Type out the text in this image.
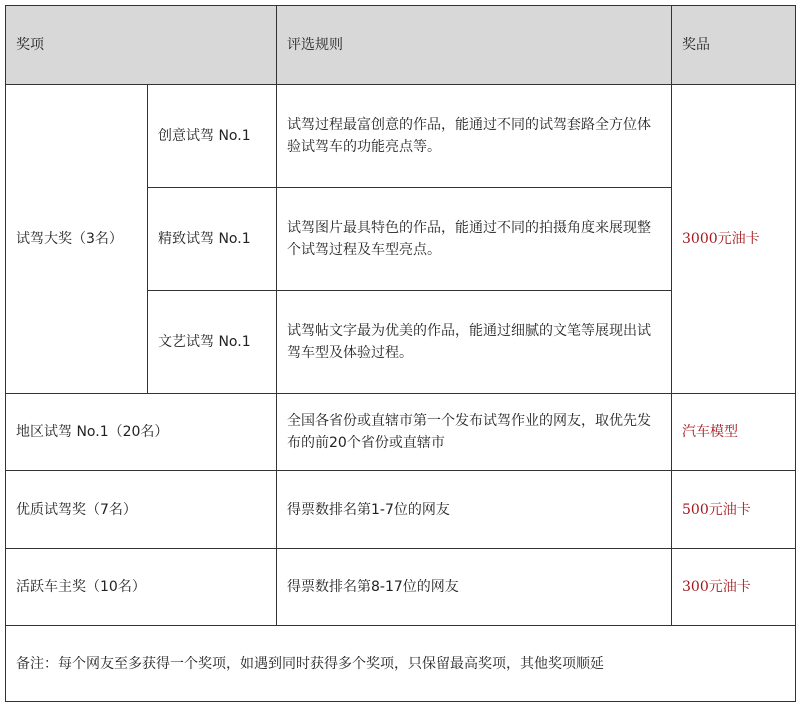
奖项		评选规则	奖品
试驾大奖（3名）	创意试驾 No.1	试驾过程最富创意的作品，能通过不同的试驾套路全方位体验试驾车的功能亮点等。	3000元油卡
	精致试驾 No.1	试驾图片最具特色的作品，能通过不同的拍摄角度来展现整个试驾过程及车型亮点。	
	文艺试驾 No.1	试驾帖文字最为优美的作品，能通过细腻的文笔等展现出试驾车型及体验过程。	
地区试驾 No.1（20名）		全国各省份或直辖市第一个发布试驾作业的网友，取优先发布的前20个省份或直辖市	汽车模型
优质试驾奖（7名）		得票数排名第1-7位的网友	500元油卡
活跃车主奖（10名）		得票数排名第8-17位的网友	300元油卡
备注：每个网友至多获得一个奖项，如遇到同时获得多个奖项，只保留最高奖项，其他奖项顺延			
